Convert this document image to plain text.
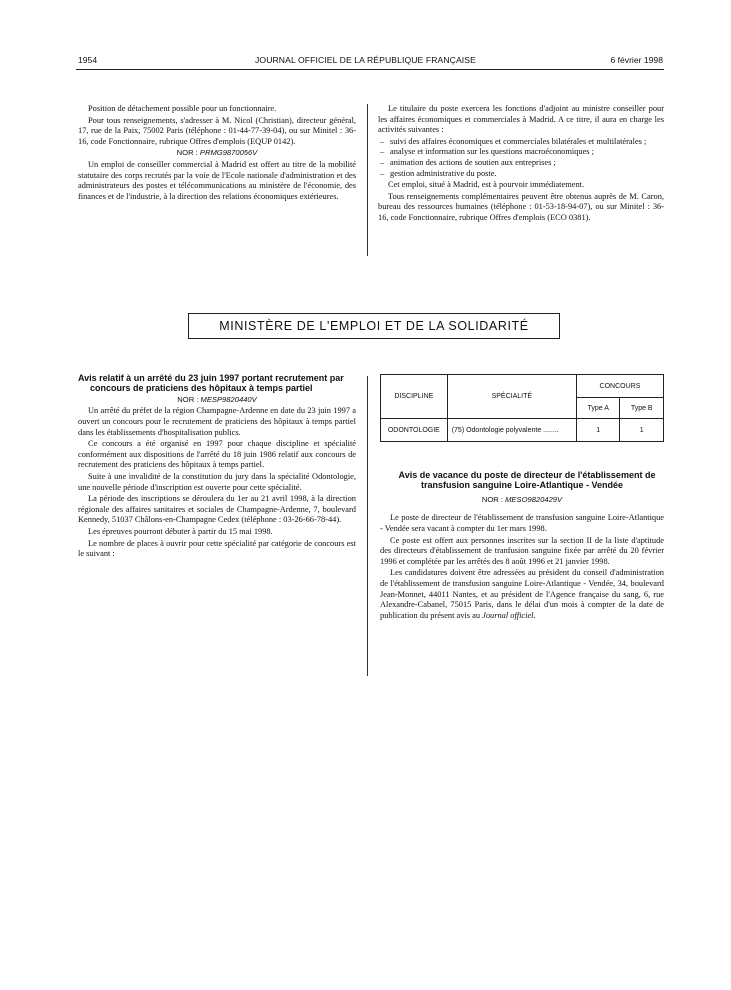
1954	JOURNAL OFFICIEL DE LA RÉPUBLIQUE FRANÇAISE	6 février 1998

Position de détachement possible pour un fonctionnaire.

Pour tous renseignements, s'adresser à M. Nicol (Christian), directeur général, 17, rue de la Paix, 75002 Paris (téléphone : 01-44-77-39-04), ou sur Minitel : 36-16, code Fonctionnaire, rubrique Offres d'emplois (EQUP 0142).

NOR : PRMG9870056V

Un emploi de conseiller commercial à Madrid est offert au titre de la mobilité statutaire des corps recrutés par la voie de l'Ecole nationale d'administration et des administrateurs des postes et télécommunications au ministère de l'économie, des finances et de l'industrie, à la direction des relations économiques extérieures.

Le titulaire du poste exercera les fonctions d'adjoint au ministre conseiller pour les affaires économiques et commerciales à Madrid. A ce titre, il aura en charge les activités suivantes :

– suivi des affaires économiques et commerciales bilatérales et multilatérales ;
– analyse et information sur les questions macroéconomiques ;
– animation des actions de soutien aux entreprises ;
– gestion administrative du poste.

Cet emploi, situé à Madrid, est à pourvoir immédiatement.

Tous renseignements complémentaires peuvent être obtenus auprès de M. Caron, bureau des ressources humaines (téléphone : 01-53-18-94-07), ou sur Minitel : 36-16, code Fonctionnaire, rubrique Offres d'emplois (ECO 0381).

MINISTÈRE DE L'EMPLOI ET DE LA SOLIDARITÉ

Avis relatif à un arrêté du 23 juin 1997 portant recrutement par concours de praticiens des hôpitaux à temps partiel

NOR : MESP9820440V

Un arrêté du préfet de la région Champagne-Ardenne en date du 23 juin 1997 a ouvert un concours pour le recrutement de praticiens des hôpitaux à temps partiel dans les établissements d'hospitalisation publics.

Ce concours a été organisé en 1997 pour chaque discipline et spécialité conformément aux dispositions de l'arrêté du 18 juin 1986 relatif aux concours de recrutement des praticiens des hôpitaux à temps partiel.

Suite à une invalidité de la constitution du jury dans la spécialité Odontologie, une nouvelle période d'inscription est ouverte pour cette spécialité.

La période des inscriptions se déroulera du 1er au 21 avril 1998, à la direction régionale des affaires sanitaires et sociales de Champagne-Ardenne, 7, boulevard Kennedy, 51037 Châlons-en-Champagne Cedex (téléphone : 03-26-66-78-44).

Les épreuves pourront débuter à partir du 15 mai 1998.

Le nombre de places à ouvrir pour cette spécialité par catégorie de concours est le suivant :

DISCIPLINE	SPÉCIALITÉ	CONCOURS	
		Type A	Type B
ODONTOLOGIE	(75) Odontologie polyvalente ........	1	1

Avis de vacance du poste de directeur de l'établissement de transfusion sanguine Loire-Atlantique - Vendée

NOR : MESO9820429V

Le poste de directeur de l'établissement de transfusion sanguine Loire-Atlantique - Vendée sera vacant à compter du 1er mars 1998.

Ce poste est offert aux personnes inscrites sur la section II de la liste d'aptitude des directeurs d'établissement de tranfusion sanguine fixée par arrêté du 20 février 1996 et complétée par les arrêtés des 8 août 1996 et 21 janvier 1998.

Les candidatures doivent être adressées au président du conseil d'administration de l'établissement de transfusion sanguine Loire-Atlantique - Vendée, 34, boulevard Jean-Monnet, 44011 Nantes, et au président de l'Agence française du sang, 6, rue Alexandre-Cabanel, 75015 Paris, dans le délai d'un mois à compter de la date de publication du présent avis au Journal officiel.
